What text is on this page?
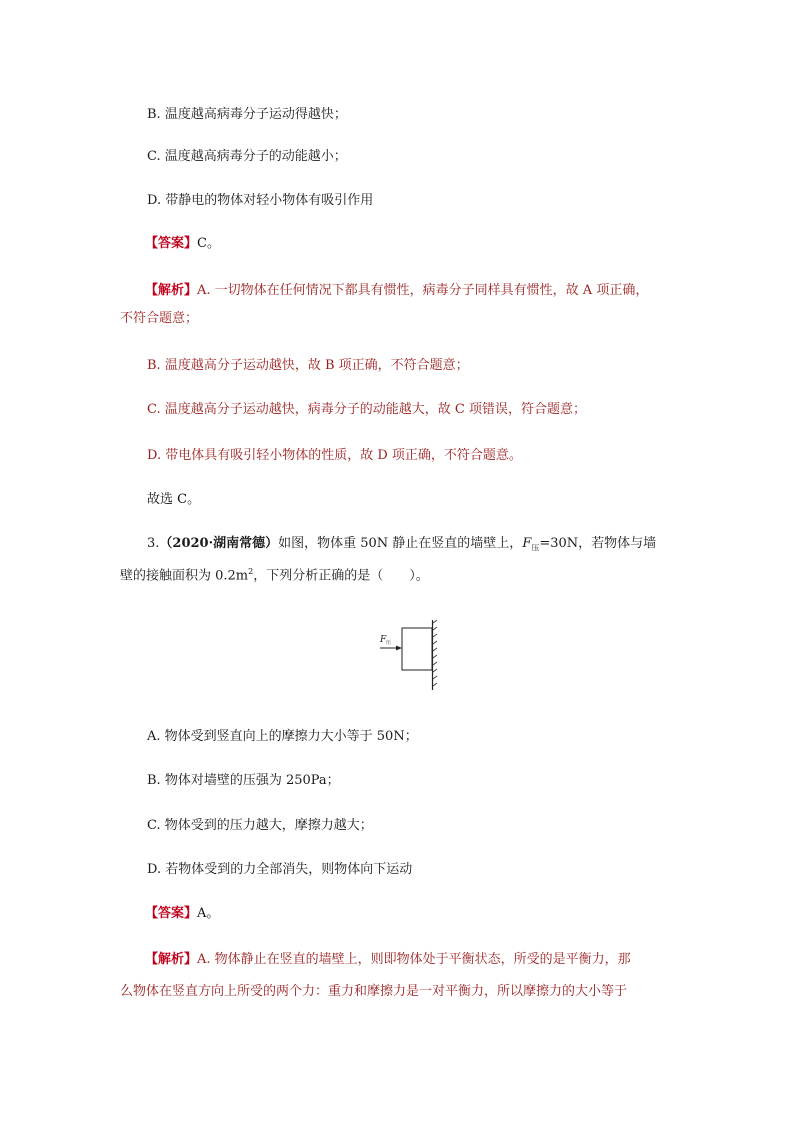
B. 温度越高病毒分子运动得越快；
C. 温度越高病毒分子的动能越小；
D. 带静电的物体对轻小物体有吸引作用
【答案】C。
【解析】A. 一切物体在任何情况下都具有惯性，病毒分子同样具有惯性，故 A 项正确，
不符合题意；
B. 温度越高分子运动越快，故 B 项正确，不符合题意；
C. 温度越高分子运动越快，病毒分子的动能越大，故 C 项错误，符合题意；
D. 带电体具有吸引轻小物体的性质，故 D 项正确，不符合题意。
故选 C。
3.（2020·湖南常德）如图，物体重 50N 静止在竖直的墙壁上，$F_压=30N$，若物体与墙
壁的接触面积为 $0.2m^2$，下列分析正确的是（　　）。
F 压
A. 物体受到竖直向上的摩擦力大小等于 50N；
B. 物体对墙壁的压强为 250Pa；
C. 物体受到的压力越大，摩擦力越大；
D. 若物体受到的力全部消失，则物体向下运动
【答案】A。
【解析】A. 物体静止在竖直的墙壁上，则即物体处于平衡状态，所受的是平衡力，那
么物体在竖直方向上所受的两个力：重力和摩擦力是一对平衡力，所以摩擦力的大小等于
